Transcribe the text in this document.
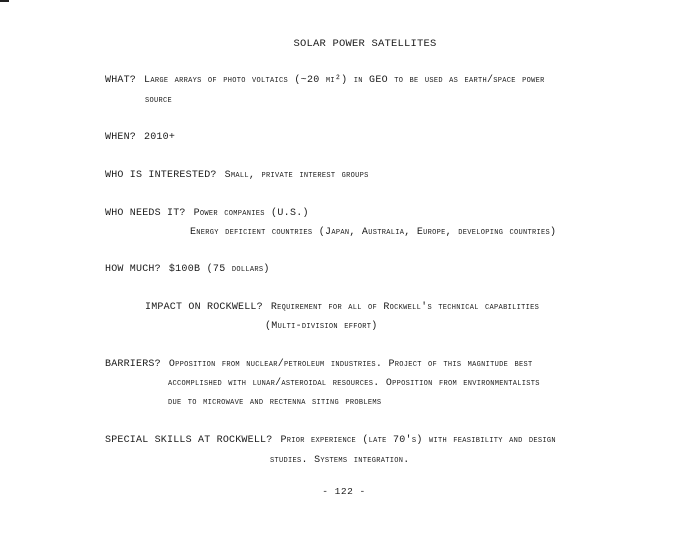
SOLAR POWER SATELLITES
WHAT? Large arrays of photo voltaics (~20 mi²) in GEO to be used as earth/space power
source
WHEN? 2010+
WHO IS INTERESTED? Small, private interest groups
WHO NEEDS IT? Power companies (U.S.)
Energy deficient countries (Japan, Australia, Europe, developing countries)
HOW MUCH? $100B (75 dollars)
IMPACT ON ROCKWELL? Requirement for all of Rockwell's technical capabilities
(Multi-division effort)
BARRIERS? Opposition from nuclear/petroleum industries. Project of this magnitude best
accomplished with lunar/asteroidal resources. Opposition from environmentalists
due to microwave and rectenna siting problems
SPECIAL SKILLS AT ROCKWELL? Prior experience (late 70's) with feasibility and design
studies. Systems integration.
- 122 -
